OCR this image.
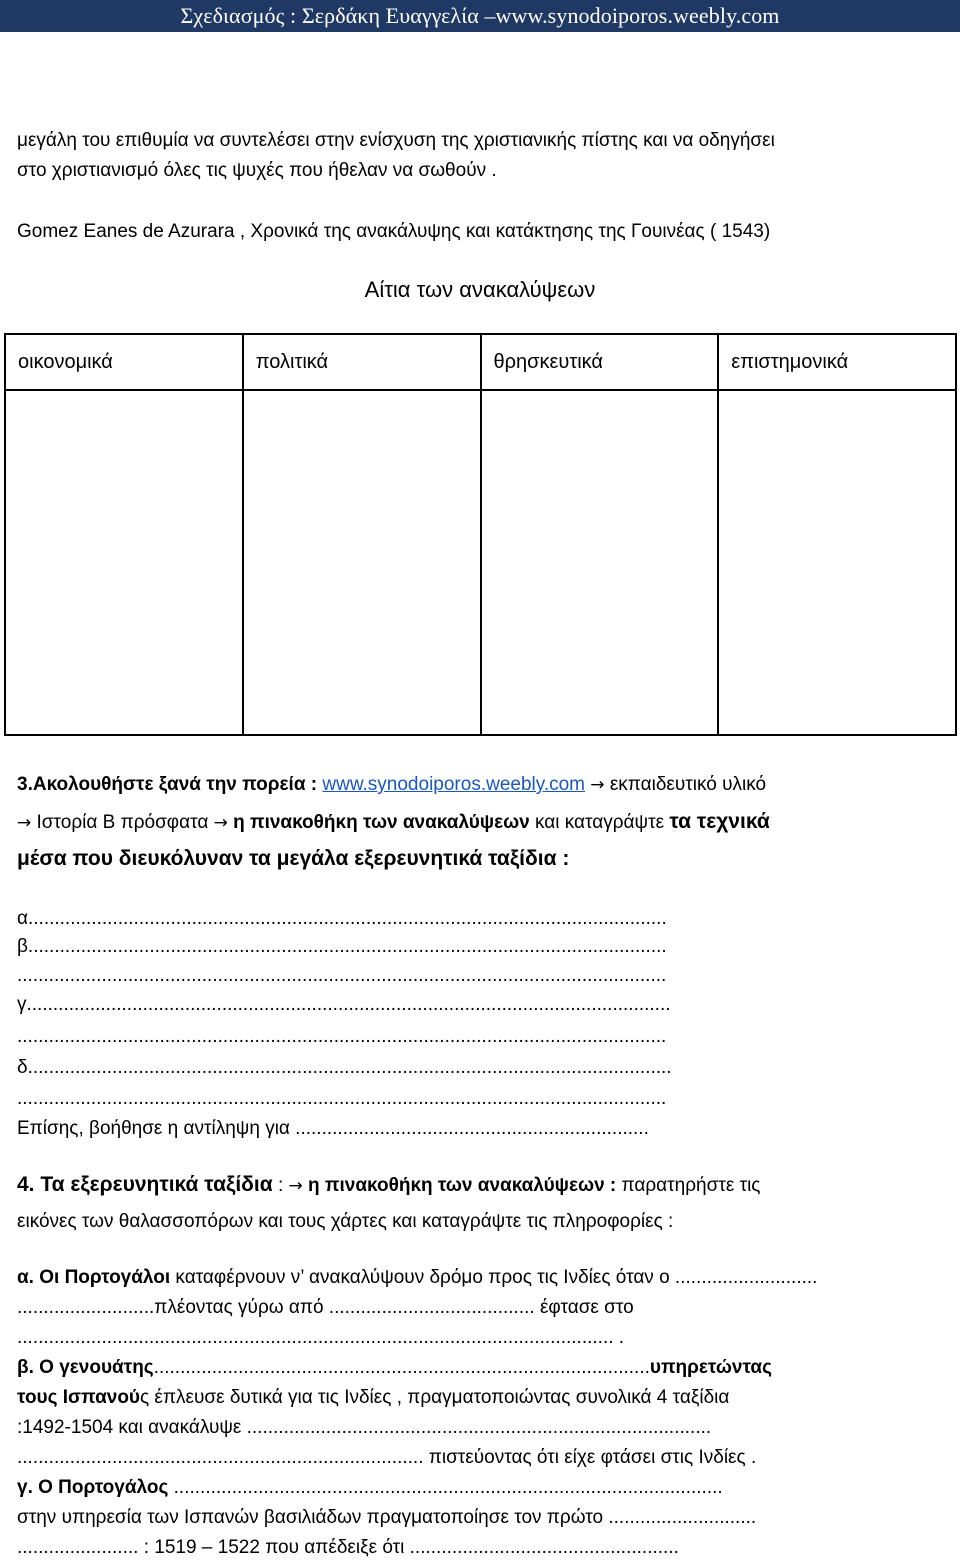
Σχεδιασμός : Σερδάκη Ευαγγελία –www.synodoiporos.weebly.com
μεγάλη του επιθυμία να συντελέσει στην ενίσχυση της χριστιανικής πίστης και να οδηγήσει
στο χριστιανισμό όλες τις ψυχές που ήθελαν να σωθούν .
Gomez Eanes de Azurara , Χρονικά της ανακάλυψης και κατάκτησης της Γουινέας ( 1543)
Αίτια των ανακαλύψεων
οικονομικά	πολιτικά	θρησκευτικά	επιστημονικά

3.Ακολουθήστε ξανά την πορεία : www.synodoiporos.weebly.com → εκπαιδευτικό υλικό
→ Ιστορία Β πρόσφατα → η πινακοθήκη των ανακαλύψεων και καταγράψτε τα τεχνικά
μέσα που διευκόλυναν τα μεγάλα εξερευνητικά ταξίδια :
α.........................................................................................................................
β.........................................................................................................................
...........................................................................................................................
γ..........................................................................................................................
...........................................................................................................................
δ..........................................................................................................................
...........................................................................................................................
Επίσης, βοήθησε η αντίληψη για ...................................................................
4. Τα εξερευνητικά ταξίδια : → η πινακοθήκη των ανακαλύψεων : παρατηρήστε τις
εικόνες των θαλασσοπόρων και τους χάρτες και καταγράψτε τις πληροφορίες :
α. Οι Πορτογάλοι καταφέρνουν ν’ ανακαλύψουν δρόμο προς τις Ινδίες όταν ο ...........................
..........................πλέοντας γύρω από ....................................... έφτασε στο
................................................................................................................. .
β. Ο γενουάτης..............................................................................................υπηρετώντας
τους Ισπανούς έπλευσε δυτικά για τις Ινδίες , πραγματοποιώντας συνολικά 4 ταξίδια
:1492-1504 και ανακάλυψε ........................................................................................
............................................................................. πιστεύοντας ότι είχε φτάσει στις Ινδίες .
γ. Ο Πορτογάλος ........................................................................................................
στην υπηρεσία των Ισπανών βασιλιάδων πραγματοποίησε τον πρώτο ............................
....................... : 1519 – 1522 που απέδειξε ότι ...................................................
